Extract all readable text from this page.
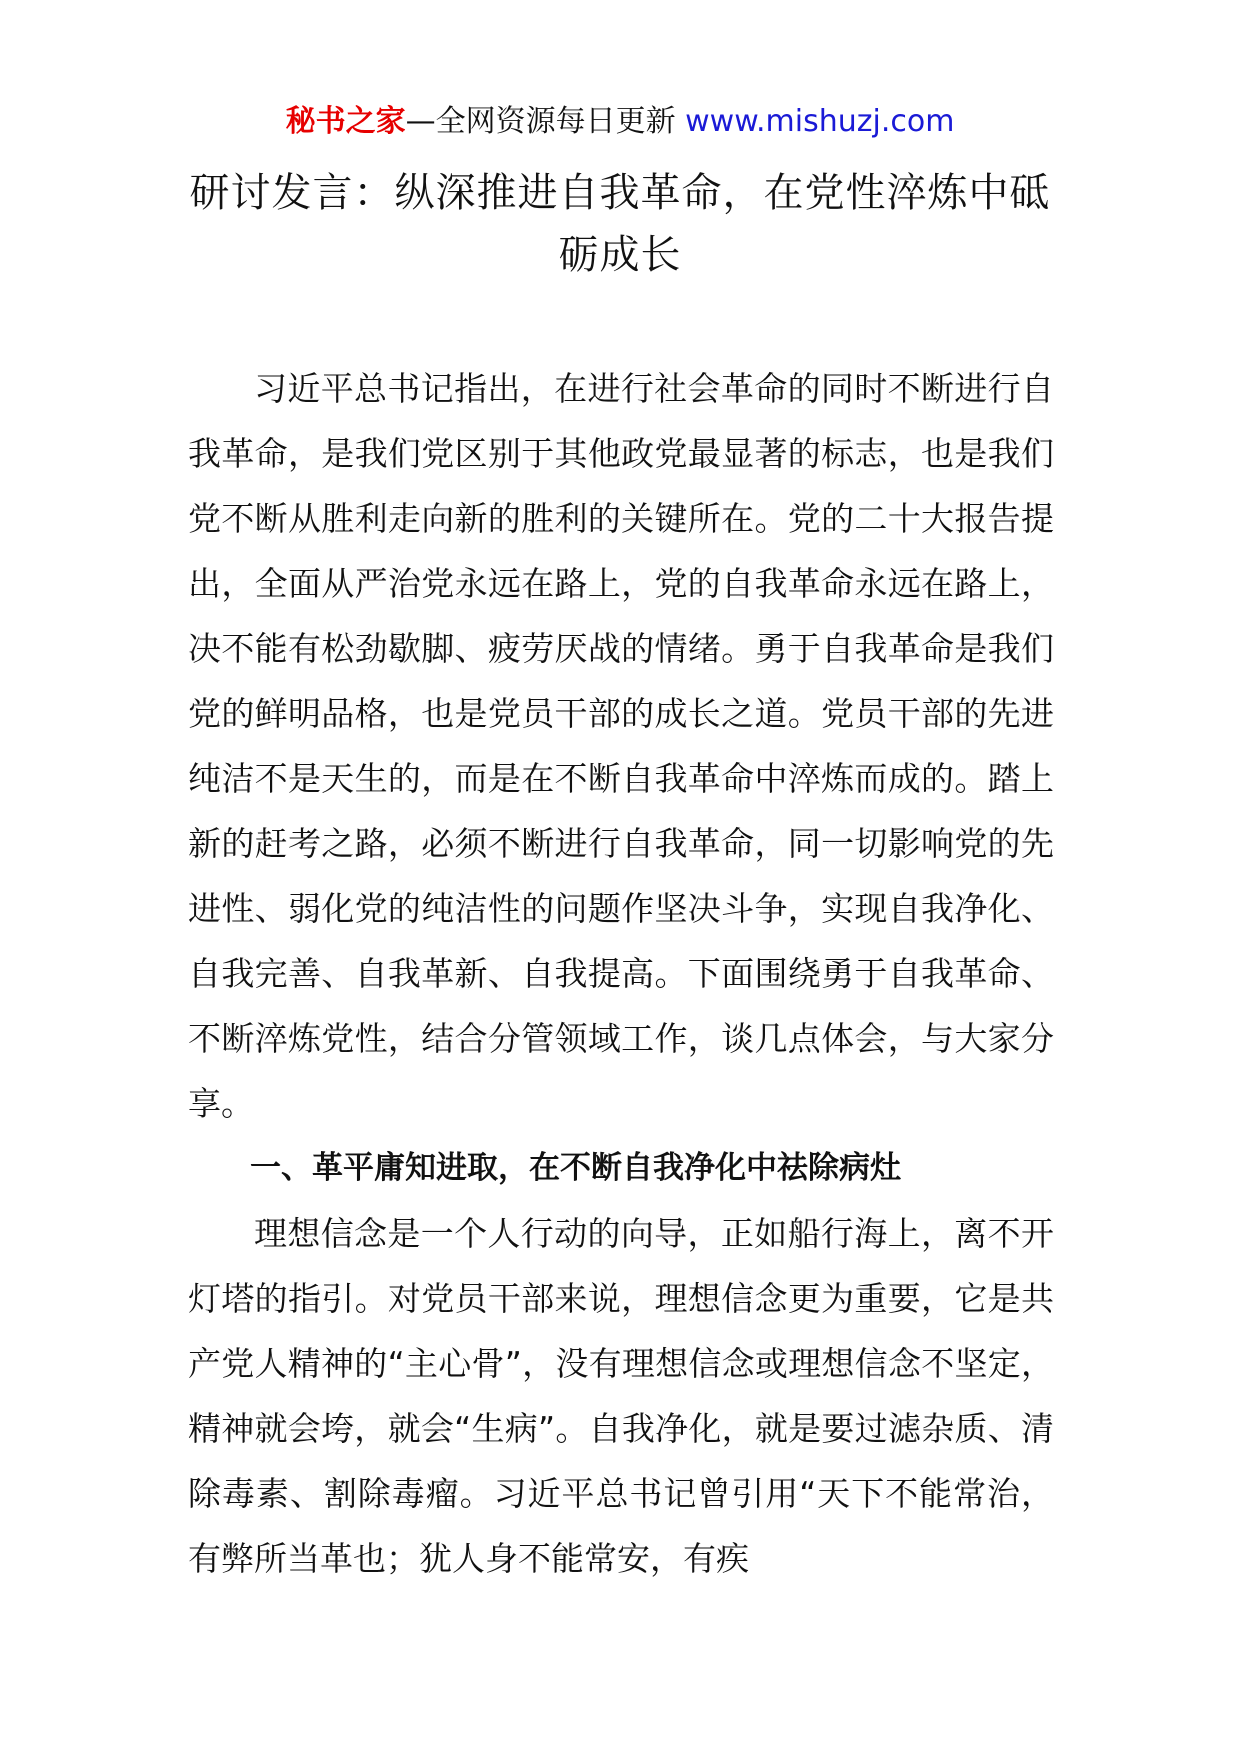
秘书之家—全网资源每日更新 www.mishuzj.com
研讨发言：纵深推进自我革命，在党性淬炼中砥砺成长

习近平总书记指出，在进行社会革命的同时不断进行自我革命，是我们党区别于其他政党最显著的标志，也是我们党不断从胜利走向新的胜利的关键所在。党的二十大报告提出，全面从严治党永远在路上，党的自我革命永远在路上，决不能有松劲歇脚、疲劳厌战的情绪。勇于自我革命是我们党的鲜明品格，也是党员干部的成长之道。党员干部的先进纯洁不是天生的，而是在不断自我革命中淬炼而成的。踏上新的赶考之路，必须不断进行自我革命，同一切影响党的先进性、弱化党的纯洁性的问题作坚决斗争，实现自我净化、自我完善、自我革新、自我提高。下面围绕勇于自我革命、不断淬炼党性，结合分管领域工作，谈几点体会，与大家分享。

一、革平庸知进取，在不断自我净化中祛除病灶

理想信念是一个人行动的向导，正如船行海上，离不开灯塔的指引。对党员干部来说，理想信念更为重要，它是共产党人精神的“主心骨”，没有理想信念或理想信念不坚定，精神就会垮，就会“生病”。自我净化，就是要过滤杂质、清除毒素、割除毒瘤。习近平总书记曾引用“天下不能常治，有弊所当革也；犹人身不能常安，有疾
